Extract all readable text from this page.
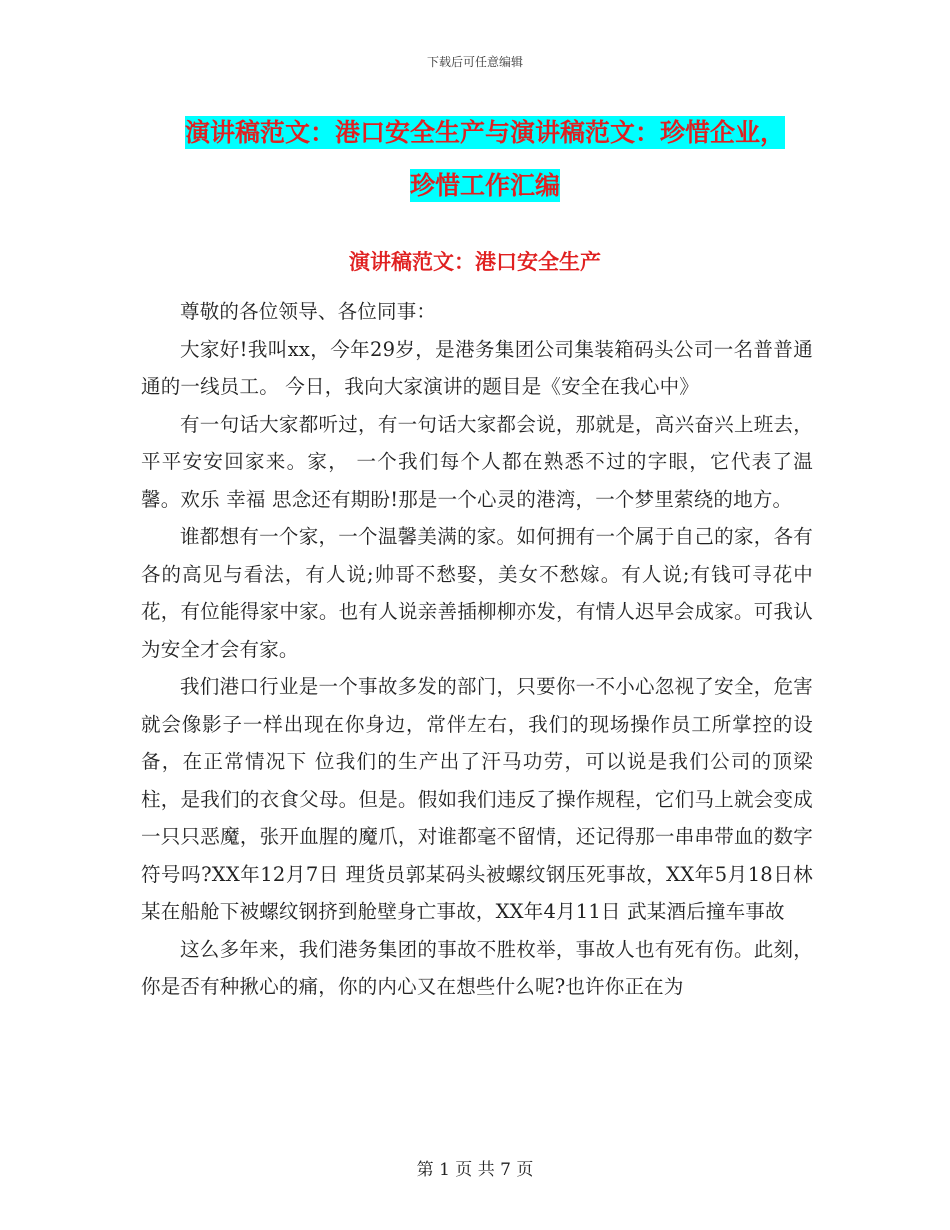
下载后可任意编辑
演讲稿范文：港口安全生产与演讲稿范文：珍惜企业，
珍惜工作汇编
演讲稿范文：港口安全生产

尊敬的各位领导、各位同事：

大家好!我叫xx，今年29岁，是港务集团公司集装箱码头公司一名普普通通的一线员工。 今日，我向大家演讲的题目是《安全在我心中》

有一句话大家都听过，有一句话大家都会说，那就是，高兴奋兴上班去，平平安安回家来。家， 一个我们每个人都在熟悉不过的字眼，它代表了温馨。欢乐 幸福 思念还有期盼!那是一个心灵的港湾，一个梦里萦绕的地方。

谁都想有一个家，一个温馨美满的家。如何拥有一个属于自己的家，各有各的高见与看法，有人说;帅哥不愁娶，美女不愁嫁。有人说;有钱可寻花中花，有位能得家中家。也有人说亲善插柳柳亦发，有情人迟早会成家。可我认为安全才会有家。

我们港口行业是一个事故多发的部门，只要你一不小心忽视了安全，危害就会像影子一样出现在你身边，常伴左右，我们的现场操作员工所掌控的设备，在正常情况下 位我们的生产出了汗马功劳，可以说是我们公司的顶梁柱，是我们的衣食父母。但是。假如我们违反了操作规程，它们马上就会变成一只只恶魔，张开血腥的魔爪，对谁都毫不留情，还记得那一串串带血的数字符号吗?XX年12月7日 理货员郭某码头被螺纹钢压死事故，XX年5月18日林某在船舱下被螺纹钢挤到舱壁身亡事故，XX年4月11日 武某酒后撞车事故

这么多年来，我们港务集团的事故不胜枚举，事故人也有死有伤。此刻，你是否有种揪心的痛，你的内心又在想些什么呢?也许你正在为

第 1 页 共 7 页
